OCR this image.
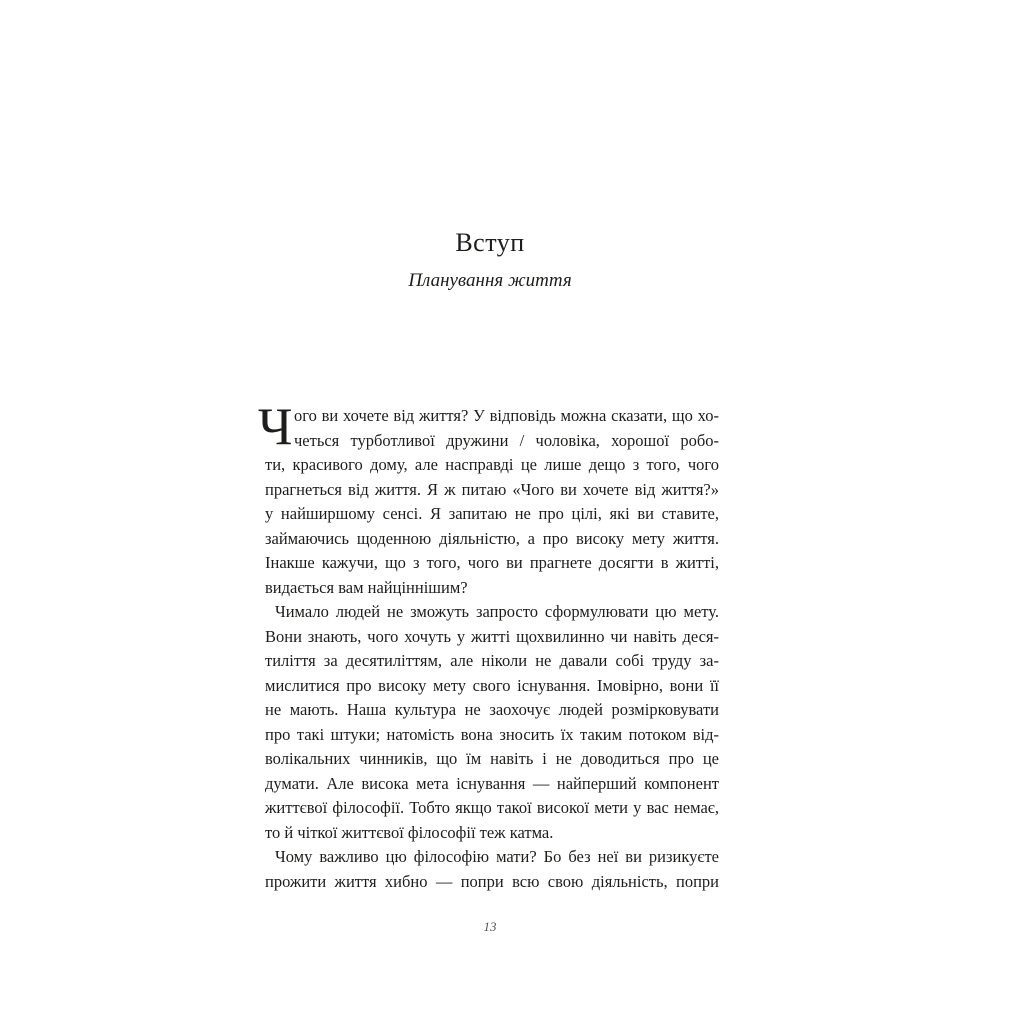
Вступ
Планування життя
Ч ого ви хочете від життя? У відповідь можна сказати, що хо-
четься турботливої дружини / чоловіка, хорошої робо-
ти, красивого дому, але насправді це лише дещо з того, чого
прагнеться від життя. Я ж питаю «Чого ви хочете від життя?»
у найширшому сенсі. Я запитаю не про цілі, які ви ставите,
займаючись щоденною діяльністю, а про високу мету життя.
Інакше кажучи, що з того, чого ви прагнете досягти в житті,
видається вам найціннішим?
Чимало людей не зможуть запросто сформулювати цю мету.
Вони знають, чого хочуть у житті щохвилинно чи навіть деся-
тиліття за десятиліттям, але ніколи не давали собі труду за-
мислитися про високу мету свого існування. Імовірно, вони її
не мають. Наша культура не заохочує людей розмірковувати
про такі штуки; натомість вона зносить їх таким потоком від-
волікальних чинників, що їм навіть і не доводиться про це
думати. Але висока мета існування — найперший компонент
життєвої філософії. Тобто якщо такої високої мети у вас немає,
то й чіткої життєвої філософії теж катма.
Чому важливо цю філософію мати? Бо без неї ви ризикуєте
прожити життя хибно — попри всю свою діяльність, попри
13
